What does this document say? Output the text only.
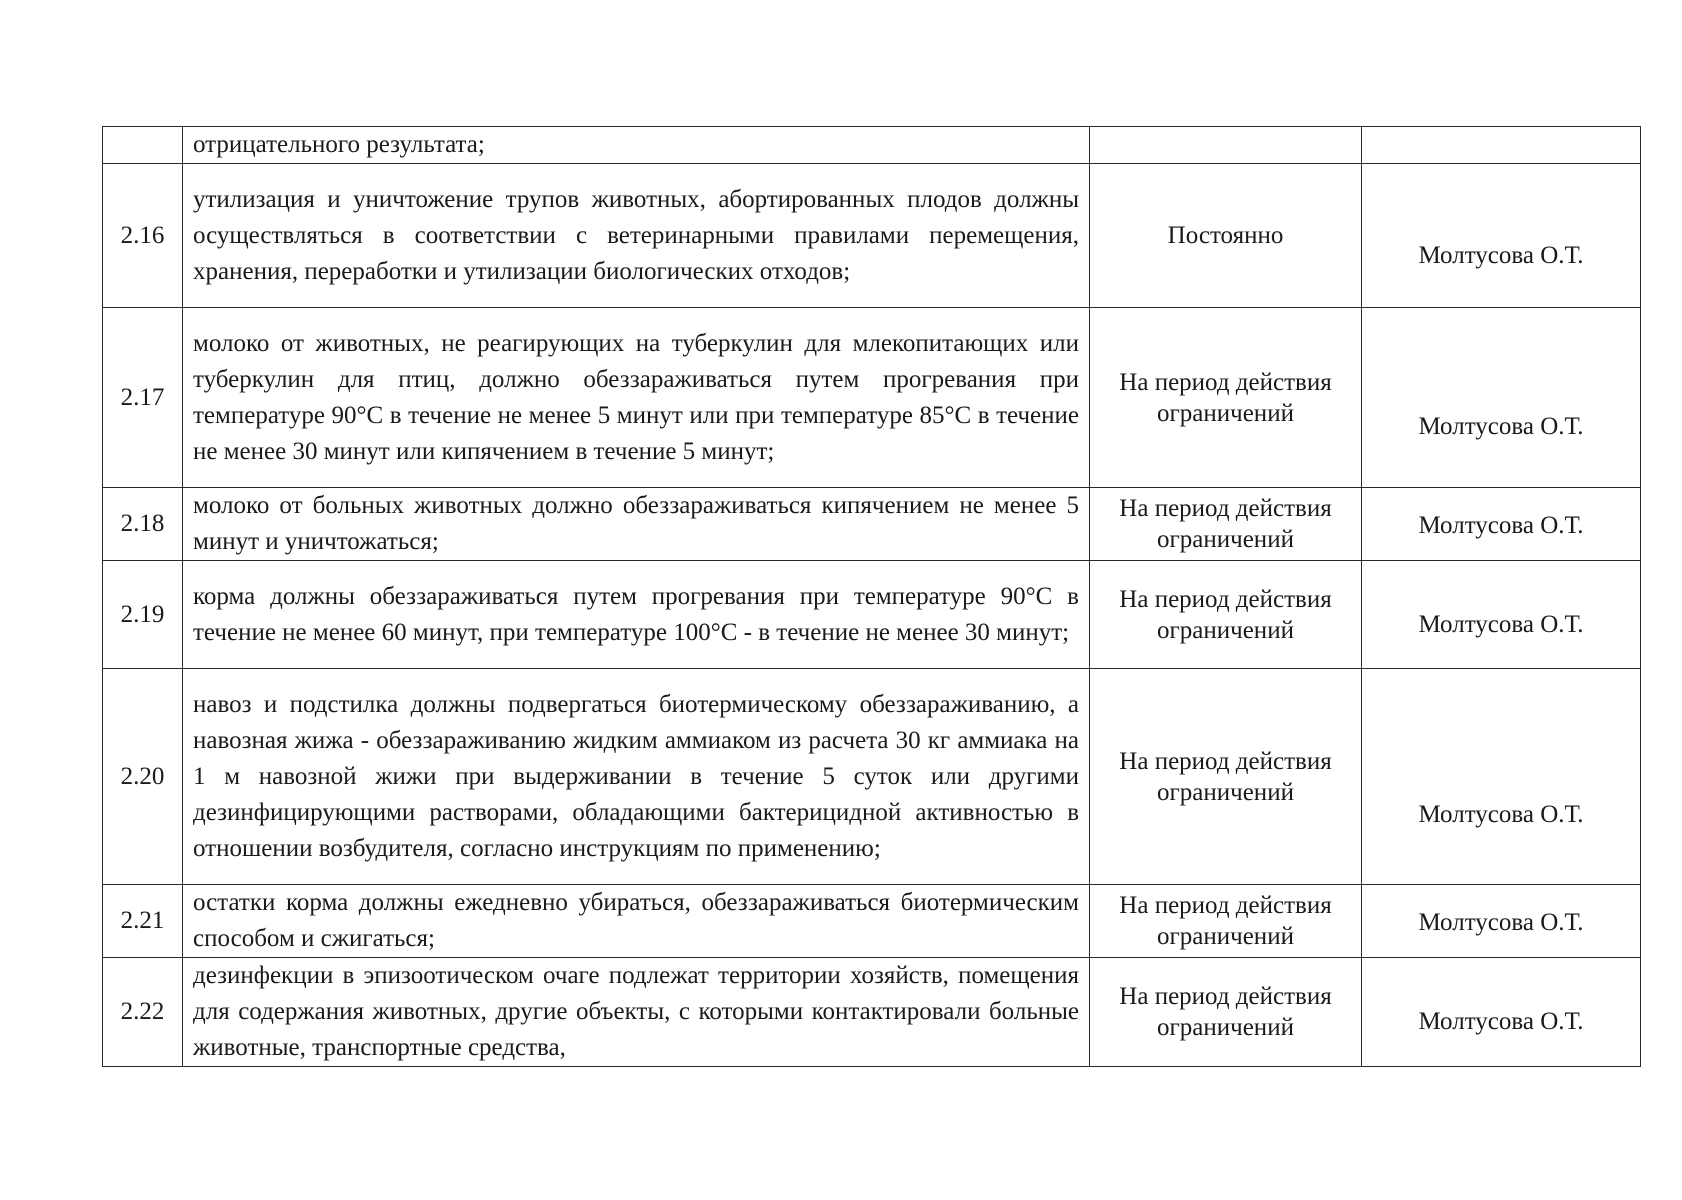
	отрицательного результата;		
2.16	утилизация и уничтожение трупов животных, абортированных плодов должны осуществляться в соответствии с ветеринарными правилами перемещения, хранения, переработки и утилизации биологических отходов;	Постоянно	Молтусова О.Т.
2.17	молоко от животных, не реагирующих на туберкулин для млекопитающих или туберкулин для птиц, должно обеззараживаться путем прогревания при температуре 90°С в течение не менее 5 минут или при температуре 85°С в течение не менее 30 минут или кипячением в течение 5 минут;	На период действия ограничений	Молтусова О.Т.
2.18	молоко от больных животных должно обеззараживаться кипячением не менее 5 минут и уничтожаться;	На период действия ограничений	Молтусова О.Т.
2.19	корма должны обеззараживаться путем прогревания при температуре 90°С в течение не менее 60 минут, при температуре 100°С - в течение не менее 30 минут;	На период действия ограничений	Молтусова О.Т.
2.20	навоз и подстилка должны подвергаться биотермическому обеззараживанию, а навозная жижа - обеззараживанию жидким аммиаком из расчета 30 кг аммиака на 1 м навозной жижи при выдерживании в течение 5 суток или другими дезинфицирующими растворами, обладающими бактерицидной активностью в отношении возбудителя, согласно инструкциям по применению;	На период действия ограничений	Молтусова О.Т.
2.21	остатки корма должны ежедневно убираться, обеззараживаться биотермическим способом и сжигаться;	На период действия ограничений	Молтусова О.Т.
2.22	дезинфекции в эпизоотическом очаге подлежат территории хозяйств, помещения для содержания животных, другие объекты, с которыми контактировали больные животные, транспортные средства,	На период действия ограничений	Молтусова О.Т.
